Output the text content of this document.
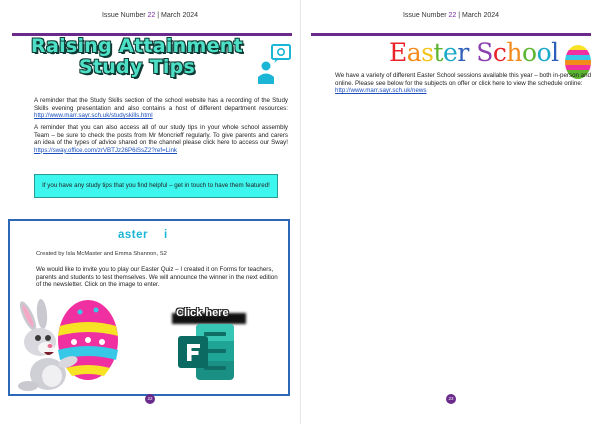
Issue Number 22 | March 2024
Raising Attainment Study Tips
A reminder that the Study Skills section of the school website has a recording of the Study Skills evening presentation and also contains a host of different department resources: http://www.marr.sayr.sch.uk/studyskills.html
A reminder that you can also access all of our study tips in your whole school assembly Team – be sure to check the posts from Mr Moncrieff regularly. To give parents and carers an idea of the types of advice shared on the channel please click here to access our Sway! https://sway.office.com/zrVBTJz26P6iSsZ2?ref=Link
If you have any study tips that you find helpful – get in touch to have them featured!
aster i
Created by Isla McMaster and Emma Shannon, S2
We would like to invite you to play our Easter Quiz – I created it on Forms for teachers, parents and students to test themselves. We will announce the winner in the next edition of the newsletter. Click on the image to enter.
Click here
22
Issue Number 22 | March 2024
Easter School
We have a variety of different Easter School sessions available this year – both in-person and online. Please see below for the subjects on offer or click here to view the schedule online: http://www.marr.sayr.sch.uk/news
23
